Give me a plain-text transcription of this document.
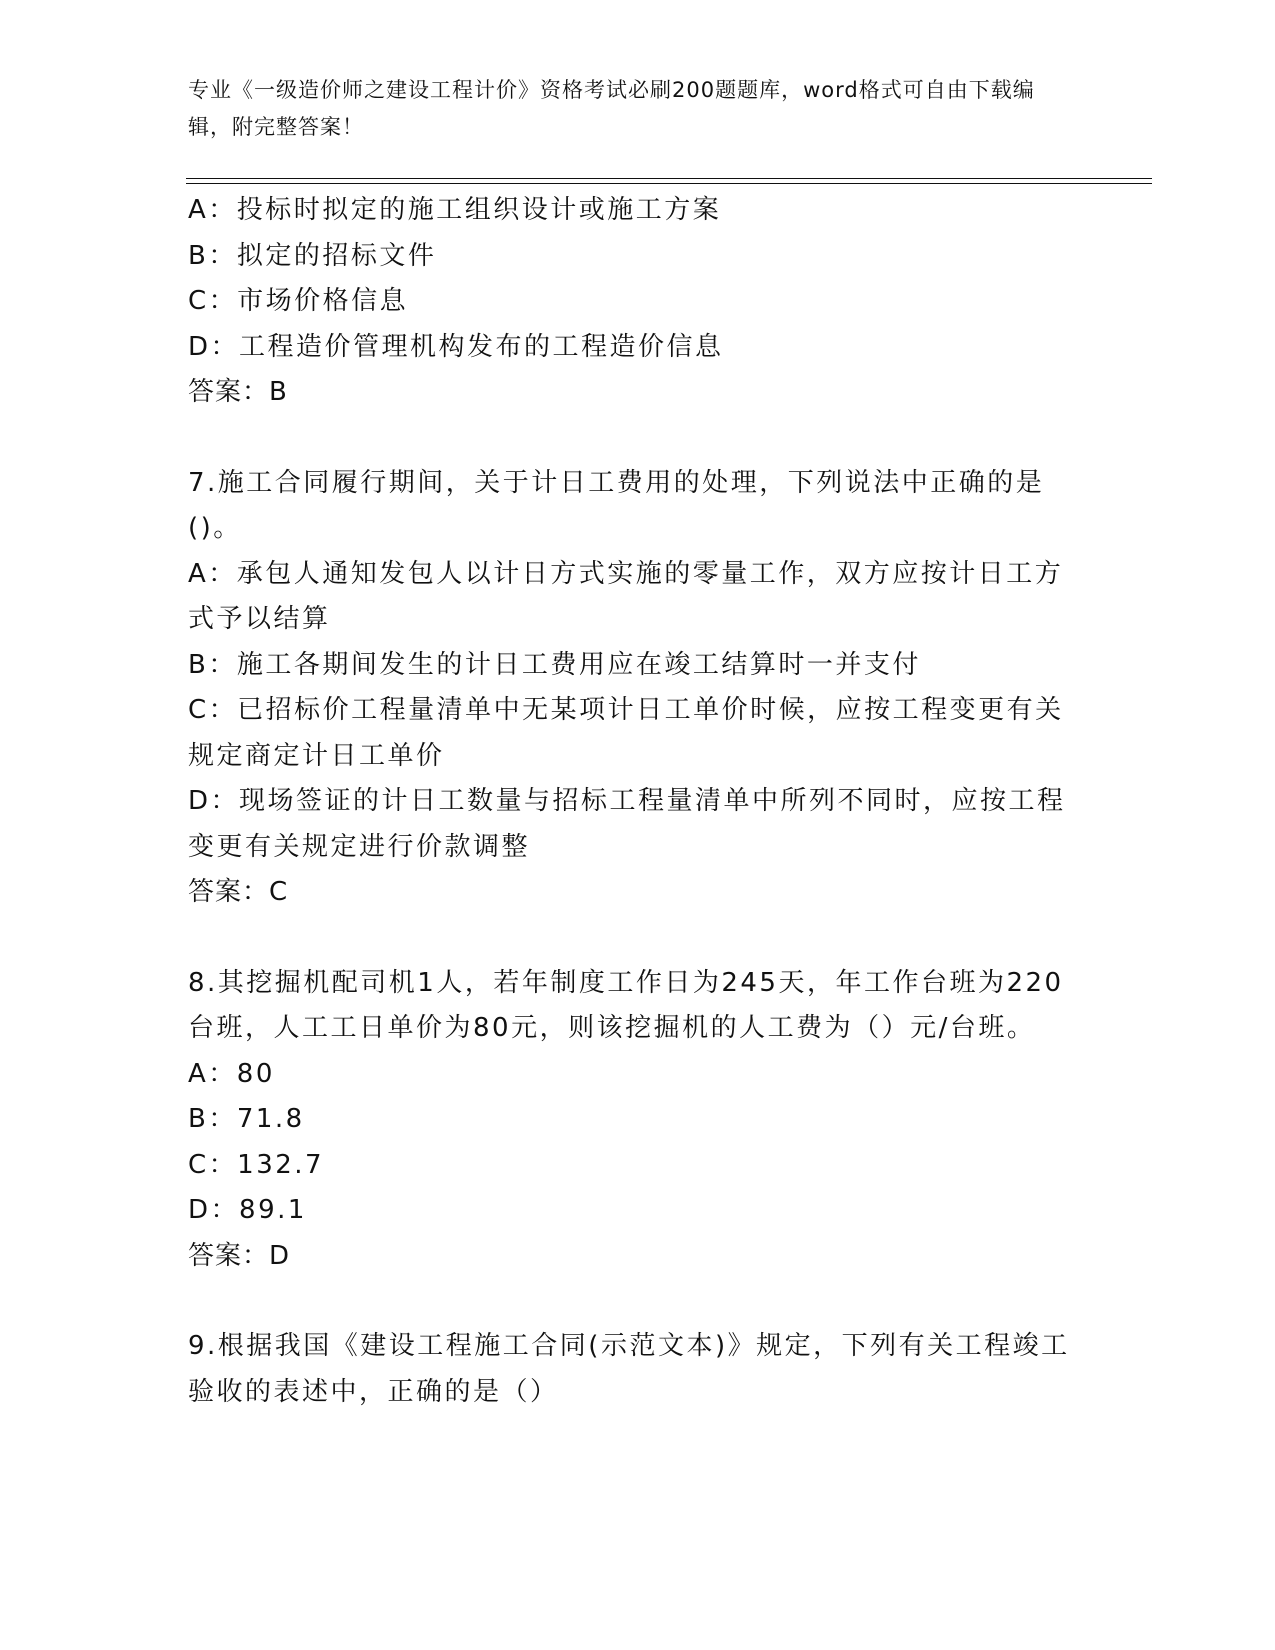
专业《一级造价师之建设工程计价》资格考试必刷200题题库，word格式可自由下载编辑，附完整答案！
A：投标时拟定的施工组织设计或施工方案
B：拟定的招标文件
C：市场价格信息
D：工程造价管理机构发布的工程造价信息
答案：B
7.施工合同履行期间，关于计日工费用的处理，下列说法中正确的是()。
A：承包人通知发包人以计日方式实施的零量工作，双方应按计日工方式予以结算
B：施工各期间发生的计日工费用应在竣工结算时一并支付
C：已招标价工程量清单中无某项计日工单价时候，应按工程变更有关规定商定计日工单价
D：现场签证的计日工数量与招标工程量清单中所列不同时，应按工程变更有关规定进行价款调整
答案：C
8.其挖掘机配司机1人，若年制度工作日为245天，年工作台班为220台班，人工工日单价为80元，则该挖掘机的人工费为（）元/台班。
A：80
B：71.8
C：132.7
D：89.1
答案：D
9.根据我国《建设工程施工合同(示范文本)》规定，下列有关工程竣工验收的表述中，正确的是（）
